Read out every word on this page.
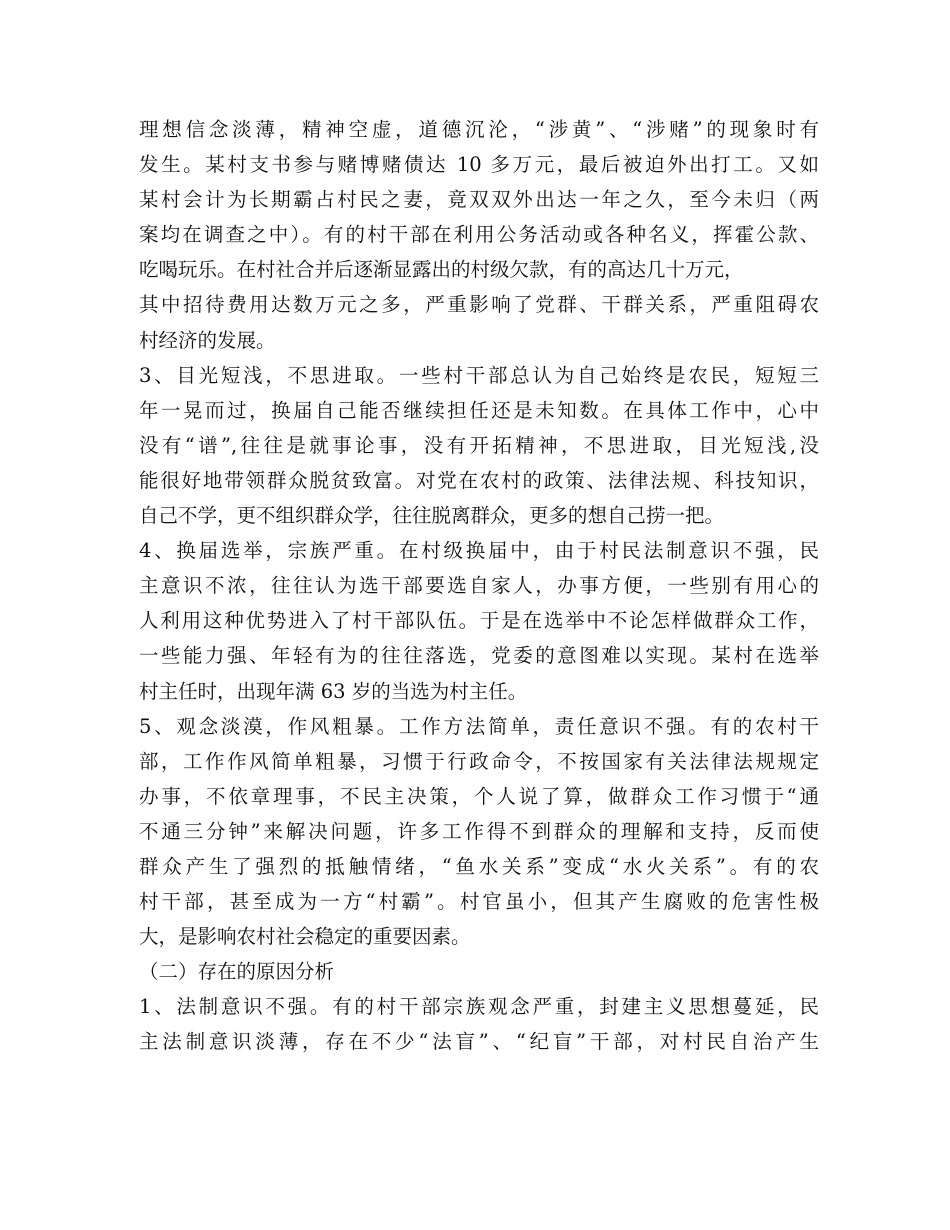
理想信念淡薄，精神空虚，道德沉沦，“涉黄”、“涉赌”的现象时有
发生。某村支书参与赌博赌债达 10 多万元，最后被迫外出打工。又如
某村会计为长期霸占村民之妻，竟双双外出达一年之久，至今未归（两
案均在调查之中）。有的村干部在利用公务活动或各种名义，挥霍公款、
吃喝玩乐。在村社合并后逐渐显露出的村级欠款，有的高达几十万元，
其中招待费用达数万元之多，严重影响了党群、干群关系，严重阻碍农
村经济的发展。
3、目光短浅，不思进取。一些村干部总认为自己始终是农民，短短三
年一晃而过，换届自己能否继续担任还是未知数。在具体工作中，心中
没有“谱”,往往是就事论事，没有开拓精神，不思进取，目光短浅,没
能很好地带领群众脱贫致富。对党在农村的政策、法律法规、科技知识，
自己不学，更不组织群众学，往往脱离群众，更多的想自己捞一把。
4、换届选举，宗族严重。在村级换届中，由于村民法制意识不强，民
主意识不浓，往往认为选干部要选自家人，办事方便，一些别有用心的
人利用这种优势进入了村干部队伍。于是在选举中不论怎样做群众工作，
一些能力强、年轻有为的往往落选，党委的意图难以实现。某村在选举
村主任时，出现年满 63 岁的当选为村主任。
5、观念淡漠，作风粗暴。工作方法简单，责任意识不强。有的农村干
部，工作作风简单粗暴，习惯于行政命令，不按国家有关法律法规规定
办事，不依章理事，不民主决策，个人说了算，做群众工作习惯于“通
不通三分钟”来解决问题，许多工作得不到群众的理解和支持，反而使
群众产生了强烈的抵触情绪，“鱼水关系”变成“水火关系”。有的农
村干部，甚至成为一方“村霸”。村官虽小，但其产生腐败的危害性极
大，是影响农村社会稳定的重要因素。
（二）存在的原因分析
1、法制意识不强。有的村干部宗族观念严重，封建主义思想蔓延，民
主法制意识淡薄，存在不少“法盲”、“纪盲”干部，对村民自治产生
